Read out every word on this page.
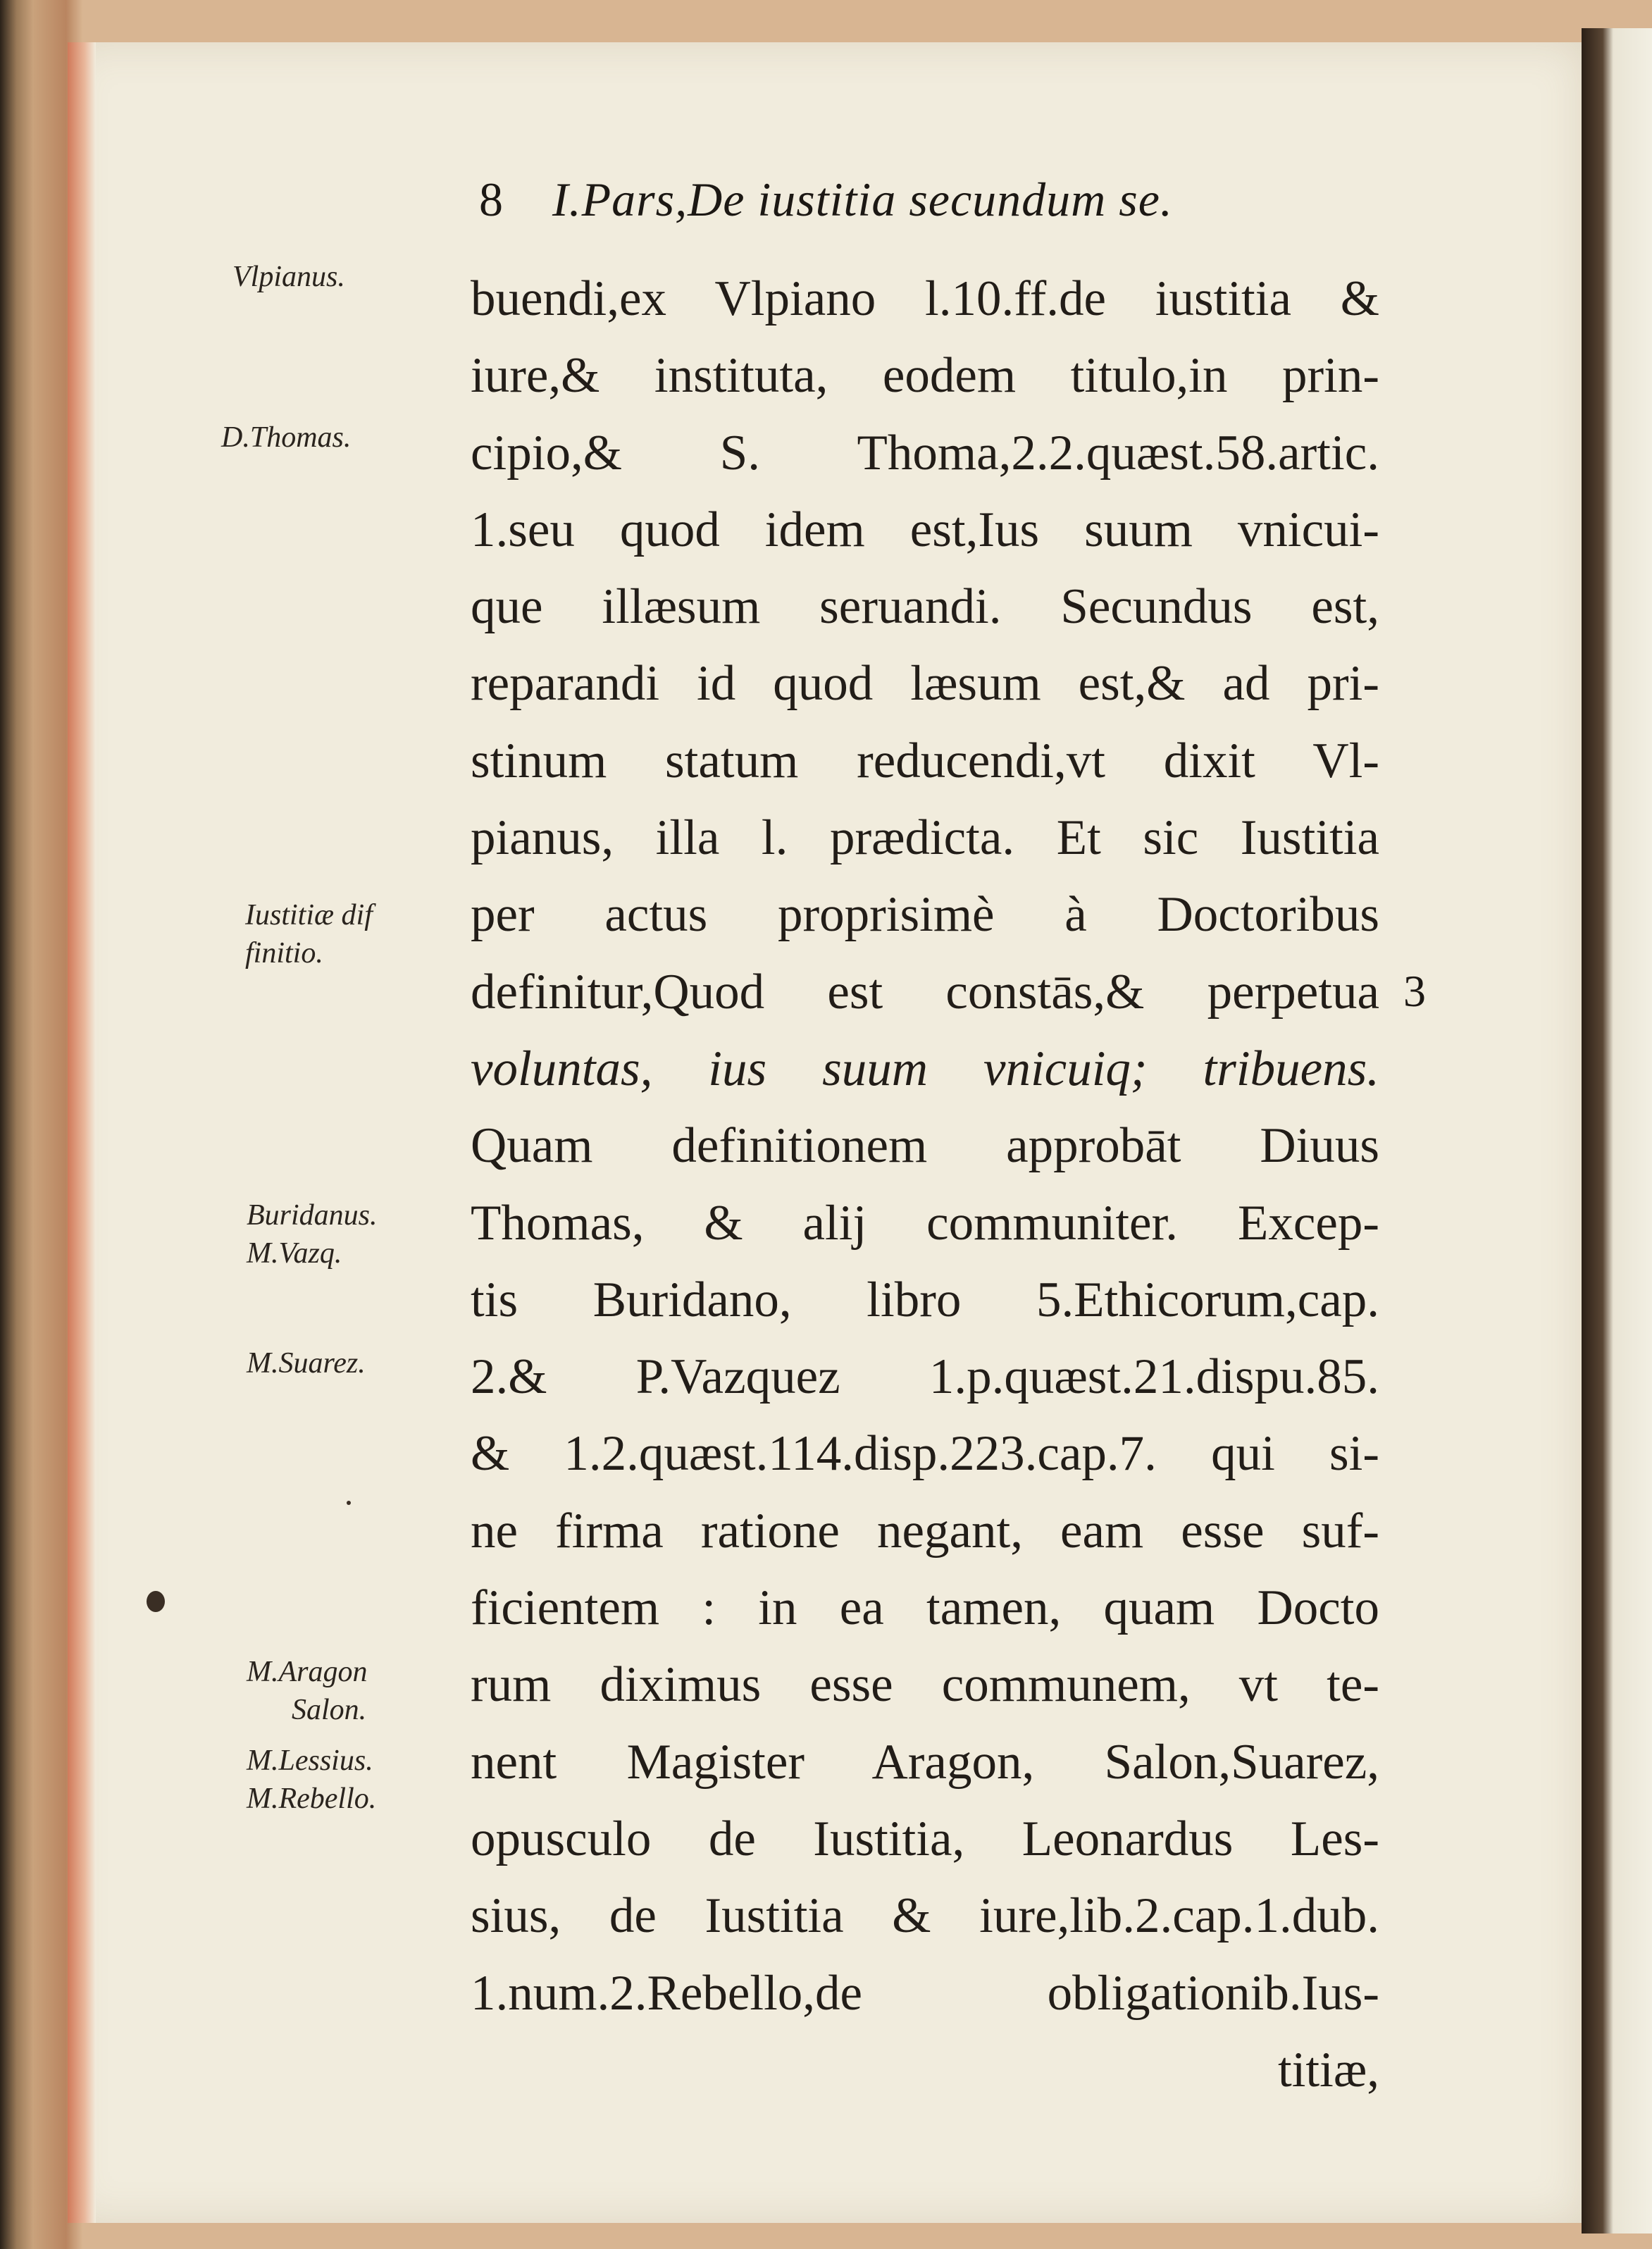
8 I.Pars,De iustitia secundum se.
Vlpianus.
D.Thomas.
Iustitiæ dif
finitio.
Buridanus.
M.Vazq.
M.Suarez.
M.Aragon
Salon.
M.Lessius.
M.Rebello.
buendi,ex Vlpiano l.10.ff.de iustitia &
iure,& instituta, eodem titulo,in prin-
cipio,& S. Thoma,2.2.quæst.58.artic.
1.seu quod idem est,Ius suum vnicui-
que illæsum seruandi. Secundus est,
reparandi id quod læsum est,& ad pri-
stinum statum reducendi,vt dixit Vl-
pianus, illa l. prædicta. Et sic Iustitia
per actus proprisimè à Doctoribus
definitur,Quod est constās,& perpetua
voluntas, ius suum vnicuiq; tribuens.
Quam definitionem approbāt Diuus
Thomas, & alij communiter. Excep-
tis Buridano, libro 5.Ethicorum,cap.
2.& P.Vazquez 1.p.quæst.21.dispu.85.
& 1.2.quæst.114.disp.223.cap.7. qui si-
ne firma ratione negant, eam esse suf-
ficientem : in ea tamen, quam Docto
rum diximus esse communem, vt te-
nent Magister Aragon, Salon,Suarez,
opusculo de Iustitia, Leonardus Les-
sius, de Iustitia & iure,lib.2.cap.1.dub.
1.num.2.Rebello,de obligationib.Ius-
titiæ,
3
